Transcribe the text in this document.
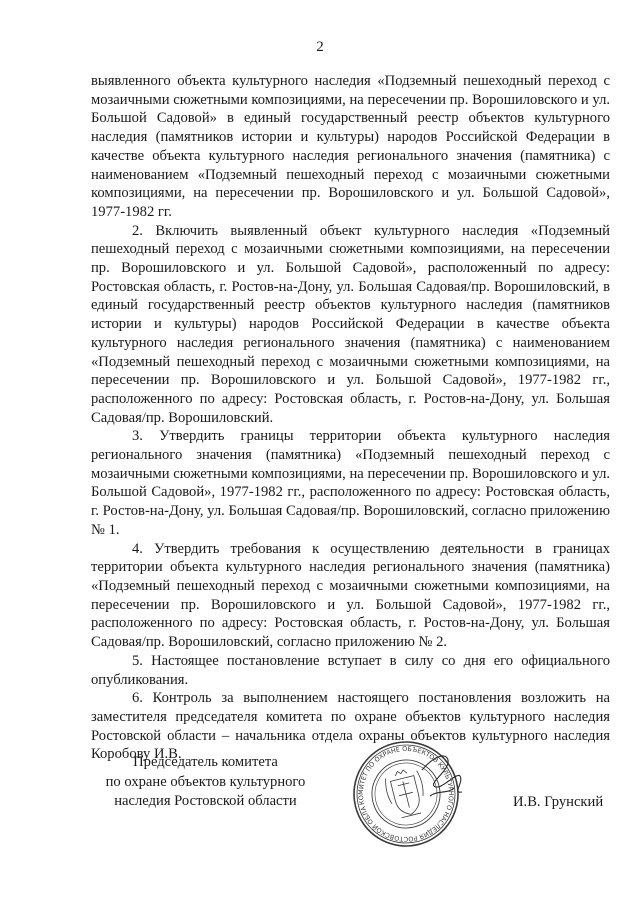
2

выявленного объекта культурного наследия «Подземный пешеходный переход с мозаичными сюжетными композициями, на пересечении пр. Ворошиловского и ул. Большой Садовой» в единый государственный реестр объектов культурного наследия (памятников истории и культуры) народов Российской Федерации в качестве объекта культурного наследия регионального значения (памятника) с наименованием «Подземный пешеходный переход с мозаичными сюжетными композициями, на пересечении пр. Ворошиловского и ул. Большой Садовой», 1977-1982 гг.

2. Включить выявленный объект культурного наследия «Подземный пешеходный переход с мозаичными сюжетными композициями, на пересечении пр. Ворошиловского и ул. Большой Садовой», расположенный по адресу: Ростовская область, г. Ростов-на-Дону, ул. Большая Садовая/пр. Ворошиловский, в единый государственный реестр объектов культурного наследия (памятников истории и культуры) народов Российской Федерации в качестве объекта культурного наследия регионального значения (памятника) с наименованием «Подземный пешеходный переход с мозаичными сюжетными композициями, на пересечении пр. Ворошиловского и ул. Большой Садовой», 1977-1982 гг., расположенного по адресу: Ростовская область, г. Ростов-на-Дону, ул. Большая Садовая/пр. Ворошиловский.

3. Утвердить границы территории объекта культурного наследия регионального значения (памятника) «Подземный пешеходный переход с мозаичными сюжетными композициями, на пересечении пр. Ворошиловского и ул. Большой Садовой», 1977-1982 гг., расположенного по адресу: Ростовская область, г. Ростов-на-Дону, ул. Большая Садовая/пр. Ворошиловский, согласно приложению № 1.

4. Утвердить требования к осуществлению деятельности в границах территории объекта культурного наследия регионального значения (памятника) «Подземный пешеходный переход с мозаичными сюжетными композициями, на пересечении пр. Ворошиловского и ул. Большой Садовой», 1977-1982 гг., расположенного по адресу: Ростовская область, г. Ростов-на-Дону, ул. Большая Садовая/пр. Ворошиловский, согласно приложению № 2.

5. Настоящее постановление вступает в силу со дня его официального опубликования.

6. Контроль за выполнением настоящего постановления возложить на заместителя председателя комитета по охране объектов культурного наследия Ростовской области – начальника отдела охраны объектов культурного наследия Коробову И.В.

Председатель комитета
по охране объектов культурного
наследия Ростовской области	КОМИТЕТ ПО ОХРАНЕ ОБЪЕКТОВ КУЛЬТУРНОГО НАСЛЕДИЯ РОСТОВСКОЙ ОБЛАСТИ
И.В. Грунский
